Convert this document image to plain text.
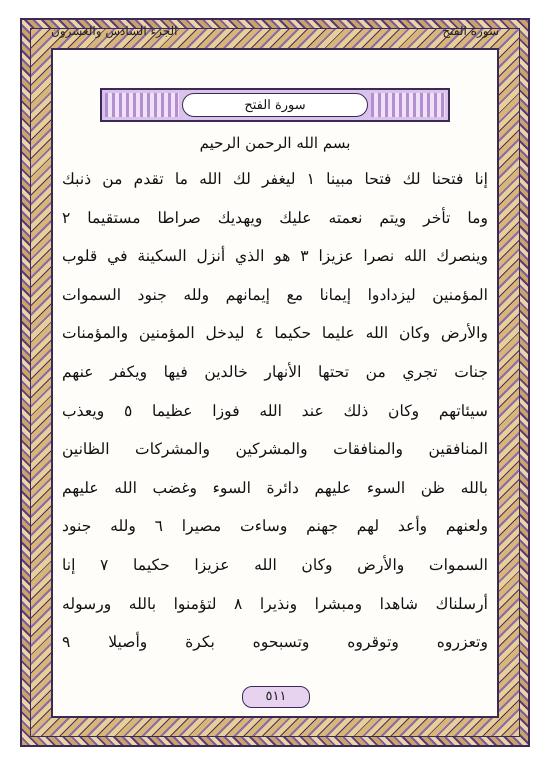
الجزء السادس والعشرون	سورة الفتح
سورة الفتح
بسم الله الرحمن الرحيم
إنا فتحنا لك فتحا مبينا ١ ليغفر لك الله ما تقدم من ذنبك
وما تأخر ويتم نعمته عليك ويهديك صراطا مستقيما ٢
وينصرك الله نصرا عزيزا ٣ هو الذي أنزل السكينة في قلوب
المؤمنين ليزدادوا إيمانا مع إيمانهم ولله جنود السموات
والأرض وكان الله عليما حكيما ٤ ليدخل المؤمنين والمؤمنات
جنات تجري من تحتها الأنهار خالدين فيها ويكفر عنهم
سيئاتهم وكان ذلك عند الله فوزا عظيما ٥ ويعذب
المنافقين والمنافقات والمشركين والمشركات الظانين
بالله ظن السوء عليهم دائرة السوء وغضب الله عليهم
ولعنهم وأعد لهم جهنم وساءت مصيرا ٦ ولله جنود
السموات والأرض وكان الله عزيزا حكيما ٧ إنا
أرسلناك شاهدا ومبشرا ونذيرا ٨ لتؤمنوا بالله ورسوله
وتعزروه وتوقروه وتسبحوه بكرة وأصيلا ٩
٥١١
